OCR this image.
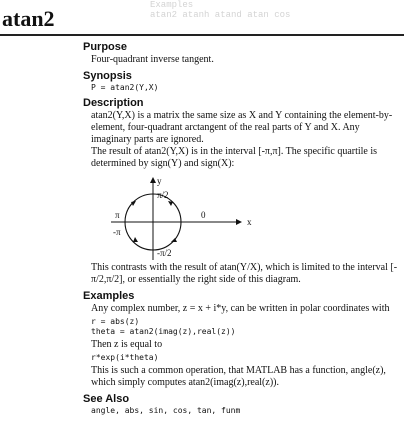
Examples
atan2 atanh atand atan cos
atan2
Purpose
Four-quadrant inverse tangent.
Synopsis
P = atan2(Y,X)
Description

atan2(Y,X) is a matrix the same size as X and Y containing the element-by-element, four-quadrant arctangent of the real parts of Y and X. Any imaginary parts are ignored.

The result of atan2(Y,X) is in the interval [-π,π]. The specific quartile is determined by sign(Y) and sign(X):

y
x
π/2
-π/2
π
-π
0
This contrasts with the result of atan(Y/X), which is limited to the interval [-π/2,π/2], or essentially the right side of this diagram.
Examples
Any complex number, z = x + i*y, can be written in polar coordinates with
r = abs(z)
theta = atan2(imag(z),real(z))
Then z is equal to
r*exp(i*theta)
This is such a common operation, that MATLAB has a function, angle(z), which simply computes atan2(imag(z),real(z)).
See Also
angle, abs, sin, cos, tan, funm
